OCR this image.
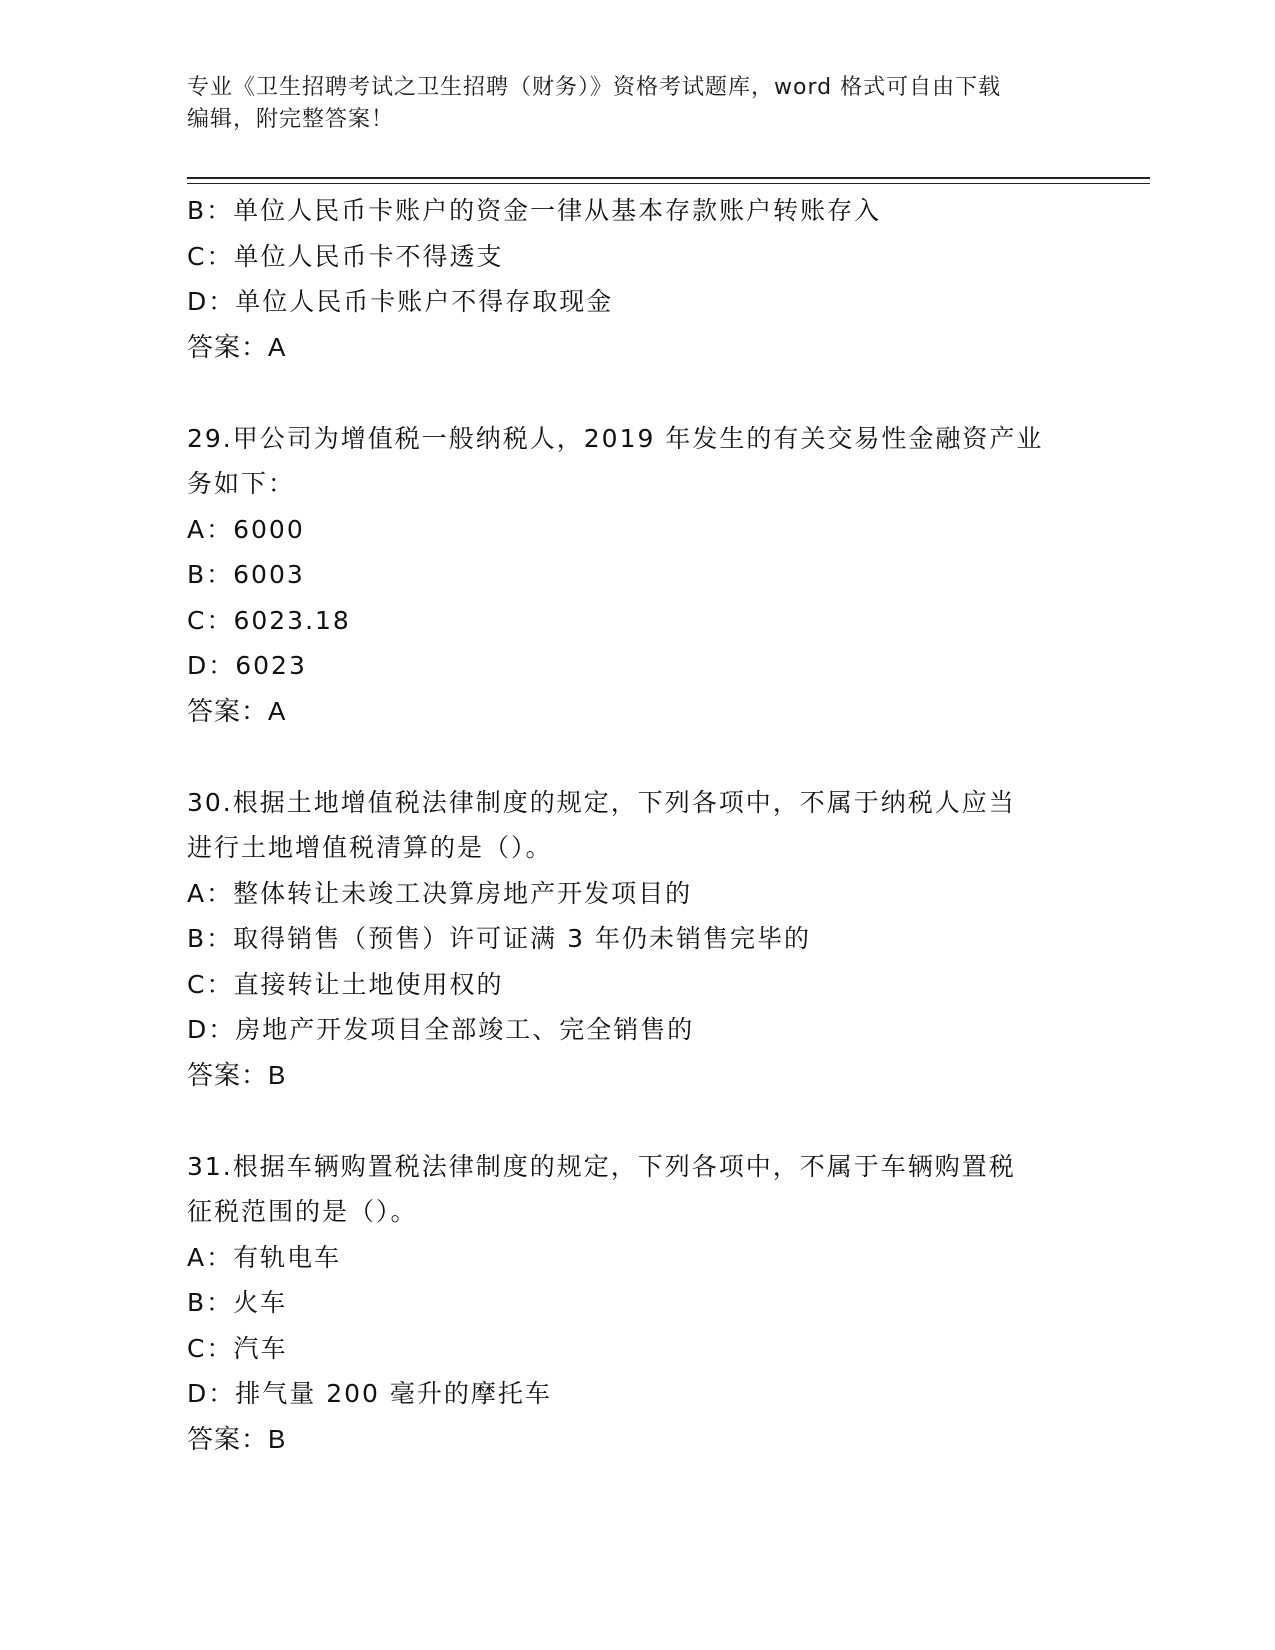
专业《卫生招聘考试之卫生招聘（财务）》资格考试题库，word 格式可自由下载
编辑，附完整答案！
B：单位人民币卡账户的资金一律从基本存款账户转账存入
C：单位人民币卡不得透支
D：单位人民币卡账户不得存取现金
答案：A
29.甲公司为增值税一般纳税人，2019 年发生的有关交易性金融资产业
务如下：
A：6000
B：6003
C：6023.18
D：6023
答案：A
30.根据土地增值税法律制度的规定，下列各项中，不属于纳税人应当
进行土地增值税清算的是（）。
A：整体转让未竣工决算房地产开发项目的
B：取得销售（预售）许可证满 3 年仍未销售完毕的
C：直接转让土地使用权的
D：房地产开发项目全部竣工、完全销售的
答案：B
31.根据车辆购置税法律制度的规定，下列各项中，不属于车辆购置税
征税范围的是（）。
A：有轨电车
B：火车
C：汽车
D：排气量 200 毫升的摩托车
答案：B
